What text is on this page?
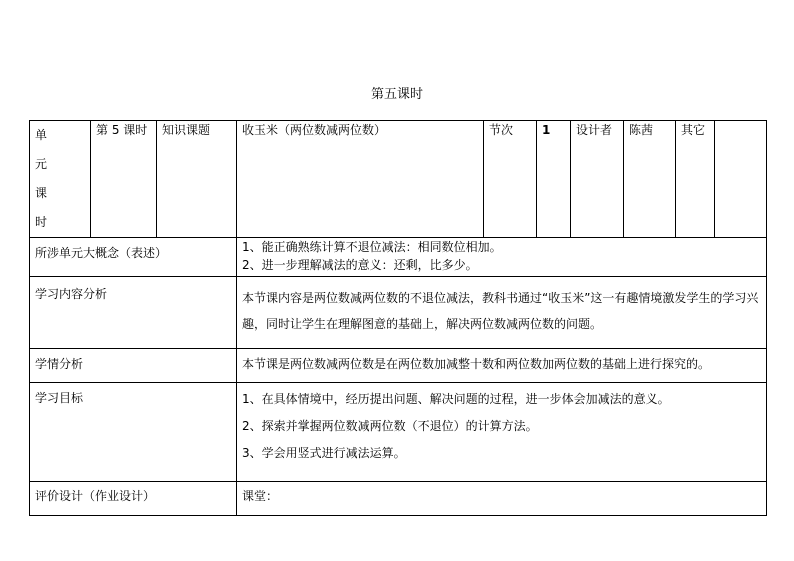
第五课时
单 元 课 时	第 5 课时	知识课题	收玉米（两位数减两位数）	节次	1	设计者	陈茜	其它	
所涉单元大概念（表述）			1、能正确熟练计算不退位减法：相同数位相加。
2、进一步理解减法的意义：还剩，比多少。						

学习内容分析			本节课内容是两位数减两位数的不退位减法，教科书通过“收玉米”这一有趣情境激发学生的学习兴趣，同时让学生在理解图意的基础上，解决两位数减两位数的问题。						
学情分析			本节课是两位数减两位数是在两位数加减整十数和两位数加两位数的基础上进行探究的。						
学习目标			1、在具体情境中，经历提出问题、解决问题的过程，进一步体会加减法的意义。
2、探索并掌握两位数减两位数（不退位）的计算方法。
3、学会用竖式进行减法运算。						

评价设计（作业设计）			课堂：						
